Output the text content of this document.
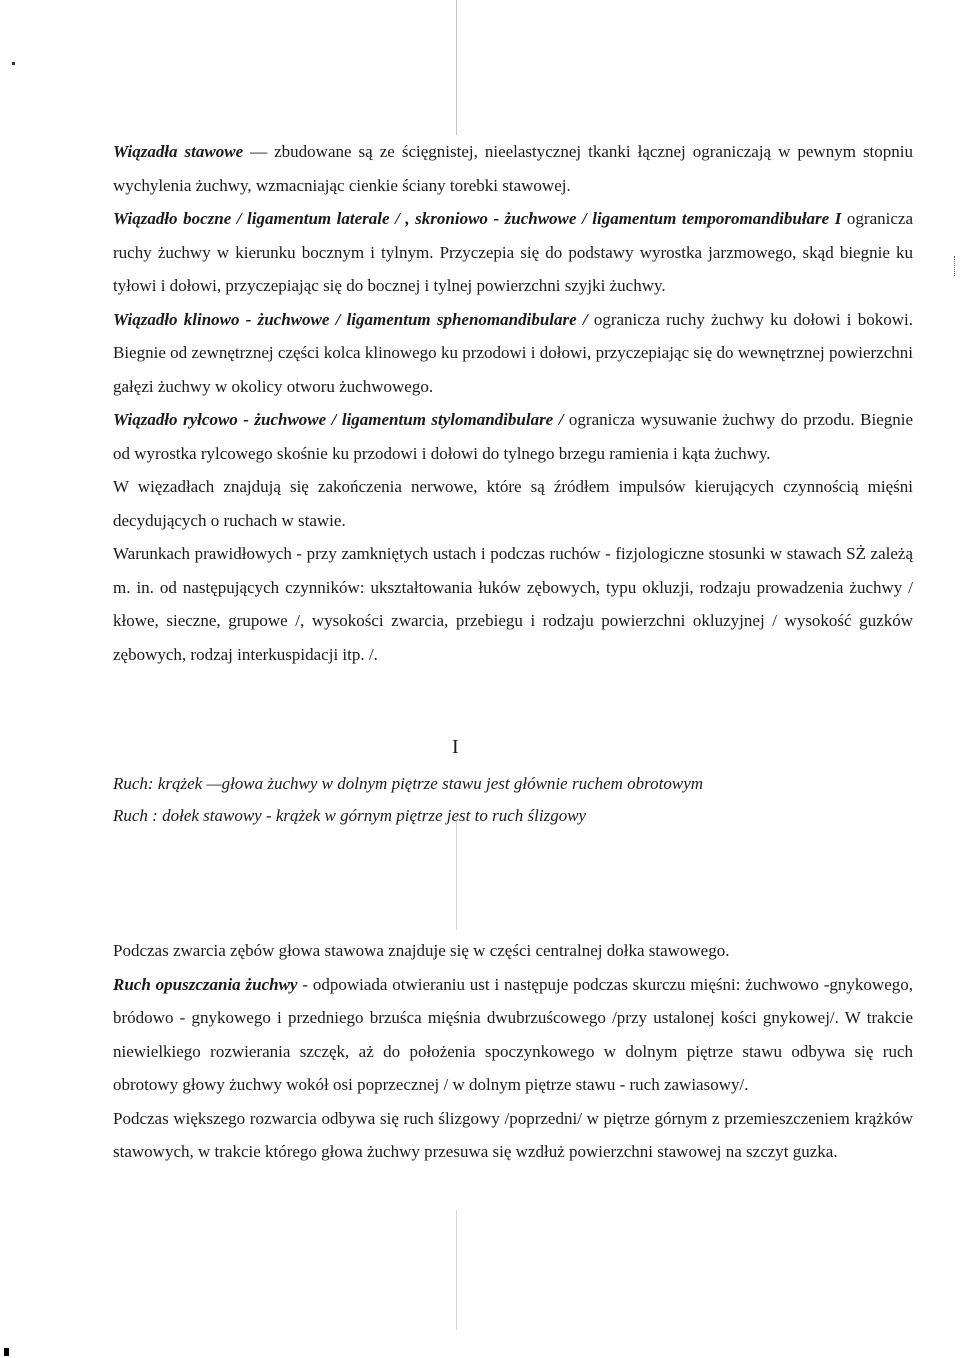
Wiązadła stawowe — zbudowane są ze ścięgnistej, nieelastycznej tkanki łącznej ograniczają w pewnym stopniu wychylenia żuchwy, wzmacniając cienkie ściany torebki stawowej.

Wiązadło boczne / ligamentum laterale / , skroniowo - żuchwowe / ligamentum temporomandibułare I ogranicza ruchy żuchwy w kierunku bocznym i tylnym. Przyczepia się do podstawy wyrostka jarzmowego, skąd biegnie ku tyłowi i dołowi, przyczepiając się do bocznej i tylnej powierzchni szyjki żuchwy.

Wiązadło klinowo - żuchwowe / ligamentum sphenomandibulare / ogranicza ruchy żuchwy ku dołowi i bokowi. Biegnie od zewnętrznej części kolca klinowego ku przodowi i dołowi, przyczepiając się do wewnętrznej powierzchni gałęzi żuchwy w okolicy otworu żuchwowego.

Wiązadło ryłcowo - żuchwowe / ligamentum stylomandibulare / ogranicza wysuwanie żuchwy do przodu. Biegnie od wyrostka rylcowego skośnie ku przodowi i dołowi do tylnego brzegu ramienia i kąta żuchwy.

W więzadłach znajdują się zakończenia nerwowe, które są źródłem impulsów kierujących czynnością mięśni decydujących o ruchach w stawie.

Warunkach prawidłowych - przy zamkniętych ustach i podczas ruchów - fizjologiczne stosunki w stawach SŻ zależą m. in. od następujących czynników: ukształtowania łuków zębowych, typu okluzji, rodzaju prowadzenia żuchwy / kłowe, sieczne, grupowe /, wysokości zwarcia, przebiegu i rodzaju powierzchni okluzyjnej / wysokość guzków zębowych, rodzaj interkuspidacji itp. /.

I

Ruch: krążek —głowa żuchwy w dolnym piętrze stawu jest głównie ruchem obrotowym

Ruch : dołek stawowy - krążek w górnym piętrze jest to ruch ślizgowy

Podczas zwarcia zębów głowa stawowa znajduje się w części centralnej dołka stawowego.

Ruch opuszczania żuchwy - odpowiada otwieraniu ust i następuje podczas skurczu mięśni: żuchwowo -gnykowego, bródowo - gnykowego i przedniego brzuśca mięśnia dwubrzuścowego /przy ustalonej kości gnykowej/. W trakcie niewielkiego rozwierania szczęk, aż do położenia spoczynkowego w dolnym piętrze stawu odbywa się ruch obrotowy głowy żuchwy wokół osi poprzecznej / w dolnym piętrze stawu - ruch zawiasowy/.

Podczas większego rozwarcia odbywa się ruch ślizgowy /poprzedni/ w piętrze górnym z przemieszczeniem krążków stawowych, w trakcie którego głowa żuchwy przesuwa się wzdłuż powierzchni stawowej na szczyt guzka.
